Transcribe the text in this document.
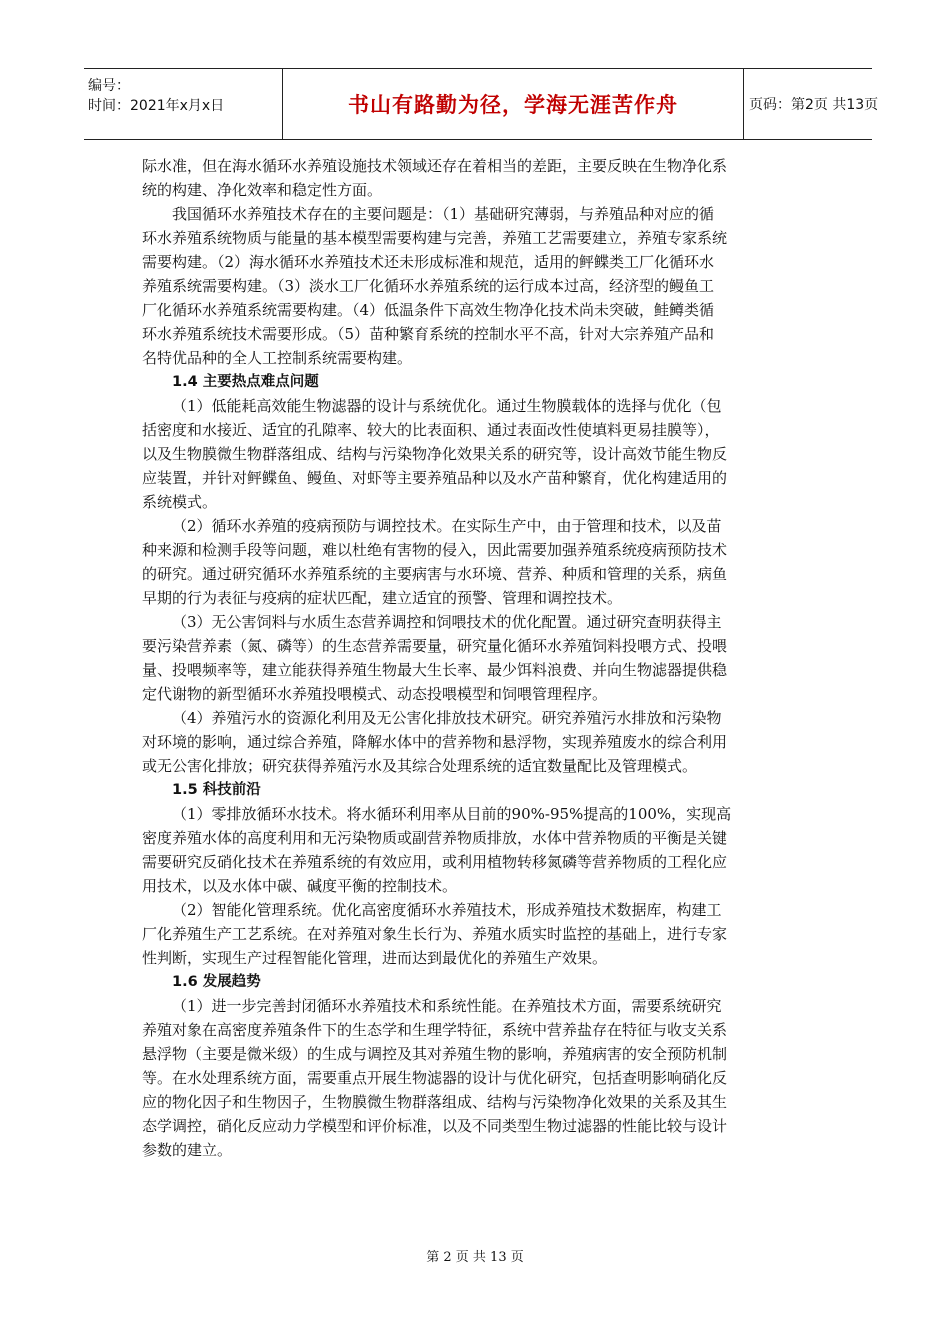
编号：
时间：2021年x月x日	书山有路勤为径，学海无涯苦作舟	页码：第2页 共13页
际水准，但在海水循环水养殖设施技术领域还存在着相当的差距，主要反映在生物净化系
统的构建、净化效率和稳定性方面。
我国循环水养殖技术存在的主要问题是：（1）基础研究薄弱，与养殖品种对应的循
环水养殖系统物质与能量的基本模型需要构建与完善，养殖工艺需要建立，养殖专家系统
需要构建。（2）海水循环水养殖技术还未形成标准和规范，适用的鲆鲽类工厂化循环水
养殖系统需要构建。（3）淡水工厂化循环水养殖系统的运行成本过高，经济型的鳗鱼工
厂化循环水养殖系统需要构建。（4）低温条件下高效生物净化技术尚未突破，鲑鳟类循
环水养殖系统技术需要形成。（5）苗种繁育系统的控制水平不高，针对大宗养殖产品和
名特优品种的全人工控制系统需要构建。
1.4 主要热点难点问题
（1）低能耗高效能生物滤器的设计与系统优化。通过生物膜载体的选择与优化（包
括密度和水接近、适宜的孔隙率、较大的比表面积、通过表面改性使填料更易挂膜等），
以及生物膜微生物群落组成、结构与污染物净化效果关系的研究等，设计高效节能生物反
应装置，并针对鲆鲽鱼、鳗鱼、对虾等主要养殖品种以及水产苗种繁育，优化构建适用的
系统模式。
（2）循环水养殖的疫病预防与调控技术。在实际生产中，由于管理和技术，以及苗
种来源和检测手段等问题，难以杜绝有害物的侵入，因此需要加强养殖系统疫病预防技术
的研究。通过研究循环水养殖系统的主要病害与水环境、营养、种质和管理的关系，病鱼
早期的行为表征与疫病的症状匹配，建立适宜的预警、管理和调控技术。
（3）无公害饲料与水质生态营养调控和饲喂技术的优化配置。通过研究查明获得主
要污染营养素（氮、磷等）的生态营养需要量，研究量化循环水养殖饲料投喂方式、投喂
量、投喂频率等，建立能获得养殖生物最大生长率、最少饵料浪费、并向生物滤器提供稳
定代谢物的新型循环水养殖投喂模式、动态投喂模型和饲喂管理程序。
（4）养殖污水的资源化利用及无公害化排放技术研究。研究养殖污水排放和污染物
对环境的影响，通过综合养殖，降解水体中的营养物和悬浮物，实现养殖废水的综合利用
或无公害化排放；研究获得养殖污水及其综合处理系统的适宜数量配比及管理模式。
1.5 科技前沿
（1）零排放循环水技术。将水循环利用率从目前的90%-95%提高的100%，实现高
密度养殖水体的高度利用和无污染物质或副营养物质排放，水体中营养物质的平衡是关键
需要研究反硝化技术在养殖系统的有效应用，或利用植物转移氮磷等营养物质的工程化应
用技术，以及水体中碳、碱度平衡的控制技术。
（2）智能化管理系统。优化高密度循环水养殖技术，形成养殖技术数据库，构建工
厂化养殖生产工艺系统。在对养殖对象生长行为、养殖水质实时监控的基础上，进行专家
性判断，实现生产过程智能化管理，进而达到最优化的养殖生产效果。
1.6 发展趋势
（1）进一步完善封闭循环水养殖技术和系统性能。在养殖技术方面，需要系统研究
养殖对象在高密度养殖条件下的生态学和生理学特征，系统中营养盐存在特征与收支关系
悬浮物（主要是微米级）的生成与调控及其对养殖生物的影响，养殖病害的安全预防机制
等。在水处理系统方面，需要重点开展生物滤器的设计与优化研究，包括查明影响硝化反
应的物化因子和生物因子，生物膜微生物群落组成、结构与污染物净化效果的关系及其生
态学调控，硝化反应动力学模型和评价标准，以及不同类型生物过滤器的性能比较与设计
参数的建立。
第 2 页 共 13 页
